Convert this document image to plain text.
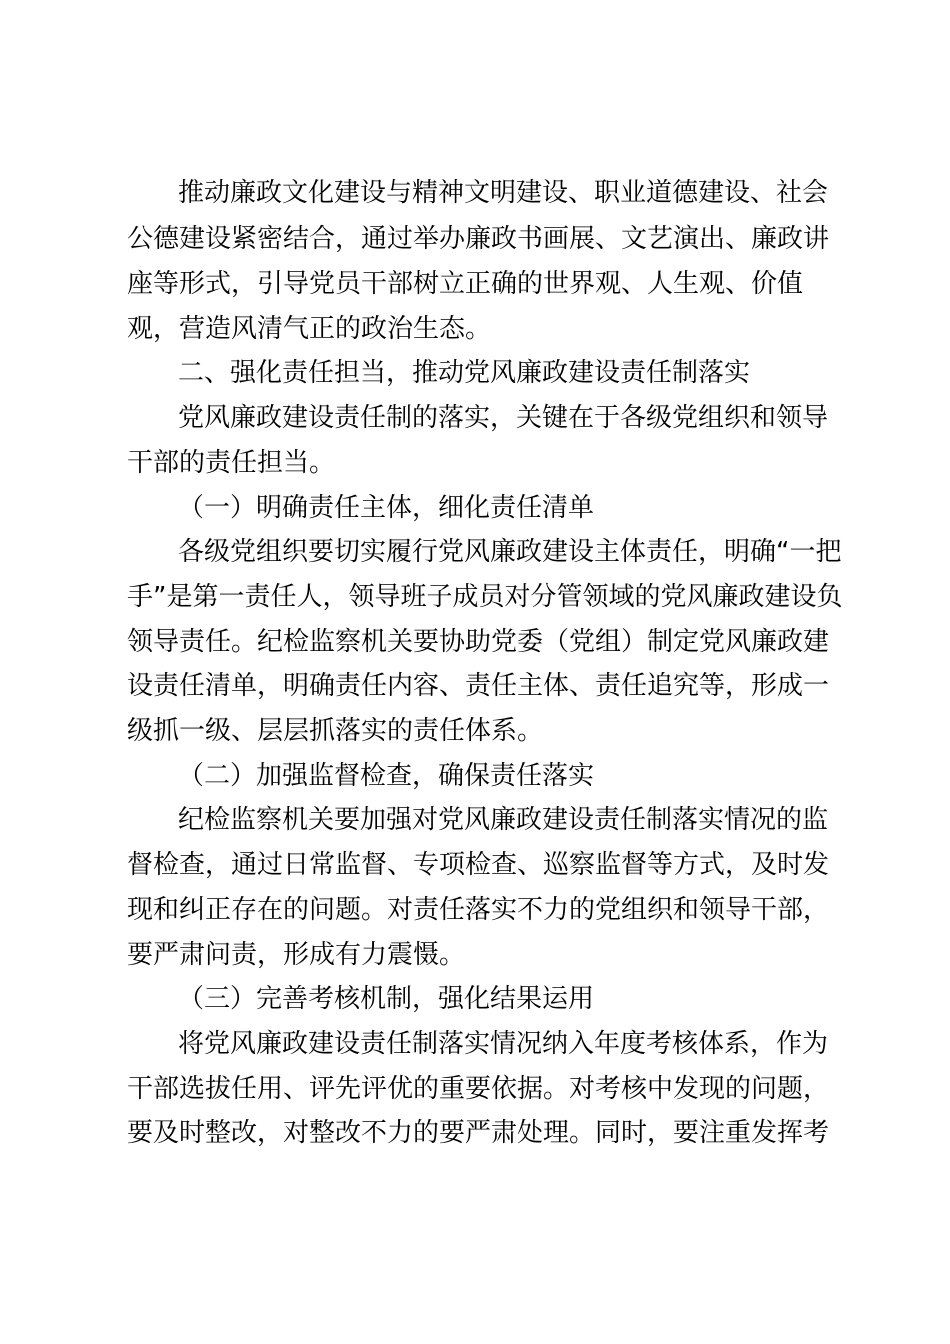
推动廉政文化建设与精神文明建设、职业道德建设、社会
公德建设紧密结合，通过举办廉政书画展、文艺演出、廉政讲
座等形式，引导党员干部树立正确的世界观、人生观、价值
观，营造风清气正的政治生态。
二、强化责任担当，推动党风廉政建设责任制落实
党风廉政建设责任制的落实，关键在于各级党组织和领导
干部的责任担当。
（一）明确责任主体，细化责任清单
各级党组织要切实履行党风廉政建设主体责任，明确“一把
手”是第一责任人，领导班子成员对分管领域的党风廉政建设负
领导责任。纪检监察机关要协助党委（党组）制定党风廉政建
设责任清单，明确责任内容、责任主体、责任追究等，形成一
级抓一级、层层抓落实的责任体系。
（二）加强监督检查，确保责任落实
纪检监察机关要加强对党风廉政建设责任制落实情况的监
督检查，通过日常监督、专项检查、巡察监督等方式，及时发
现和纠正存在的问题。对责任落实不力的党组织和领导干部，
要严肃问责，形成有力震慑。
（三）完善考核机制，强化结果运用
将党风廉政建设责任制落实情况纳入年度考核体系，作为
干部选拔任用、评先评优的重要依据。对考核中发现的问题，
要及时整改，对整改不力的要严肃处理。同时，要注重发挥考
